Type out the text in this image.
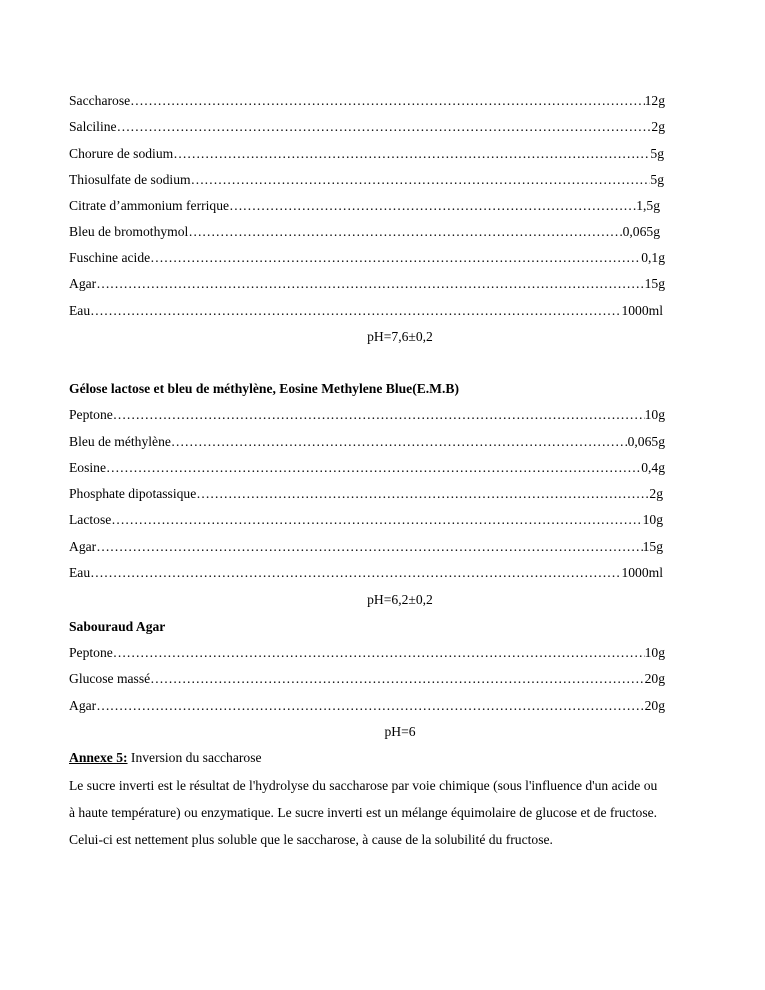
Saccharose …………………………………………………………………………………………………………………………………………………………………………………………………	12g
Salciline …………………………………………………………………………………………………………………………………………………………………………………………………	2g
Chorure de sodium …………………………………………………………………………………………………………………………………………………………………………………………………	5g
Thiosulfate de sodium …………………………………………………………………………………………………………………………………………………………………………………………………	5g
Citrate d’ammonium ferrique …………………………………………………………………………………………………………………………………………………………………………………………………	1,5g
Bleu de bromothymol …………………………………………………………………………………………………………………………………………………………………………………………………	0,065g
Fuschine acide …………………………………………………………………………………………………………………………………………………………………………………………………	0,1g
Agar …………………………………………………………………………………………………………………………………………………………………………………………………	15g
Eau …………………………………………………………………………………………………………………………………………………………………………………………………	1000ml
pH=7,6±0,2
Gélose lactose et bleu de méthylène, Eosine Methylene Blue(E.M.B)
Peptone …………………………………………………………………………………………………………………………………………………………………………………………………	10g
Bleu de méthylène …………………………………………………………………………………………………………………………………………………………………………………………………	0,065g
Eosine …………………………………………………………………………………………………………………………………………………………………………………………………	0,4g
Phosphate dipotassique …………………………………………………………………………………………………………………………………………………………………………………………………	2g
Lactose …………………………………………………………………………………………………………………………………………………………………………………………………	10g
Agar …………………………………………………………………………………………………………………………………………………………………………………………………	15g
Eau …………………………………………………………………………………………………………………………………………………………………………………………………	1000ml
pH=6,2±0,2
Sabouraud Agar
Peptone …………………………………………………………………………………………………………………………………………………………………………………………………	10g
Glucose massé …………………………………………………………………………………………………………………………………………………………………………………………………	20g
Agar …………………………………………………………………………………………………………………………………………………………………………………………………	20g
pH=6
Annexe 5: Inversion du saccharose
Le sucre inverti est le résultat de l'hydrolyse du saccharose par voie chimique (sous l'influence d'un acide ou
à haute température) ou enzymatique. Le sucre inverti est un mélange équimolaire de glucose et de fructose.
Celui-ci est nettement plus soluble que le saccharose, à cause de la solubilité du fructose.
